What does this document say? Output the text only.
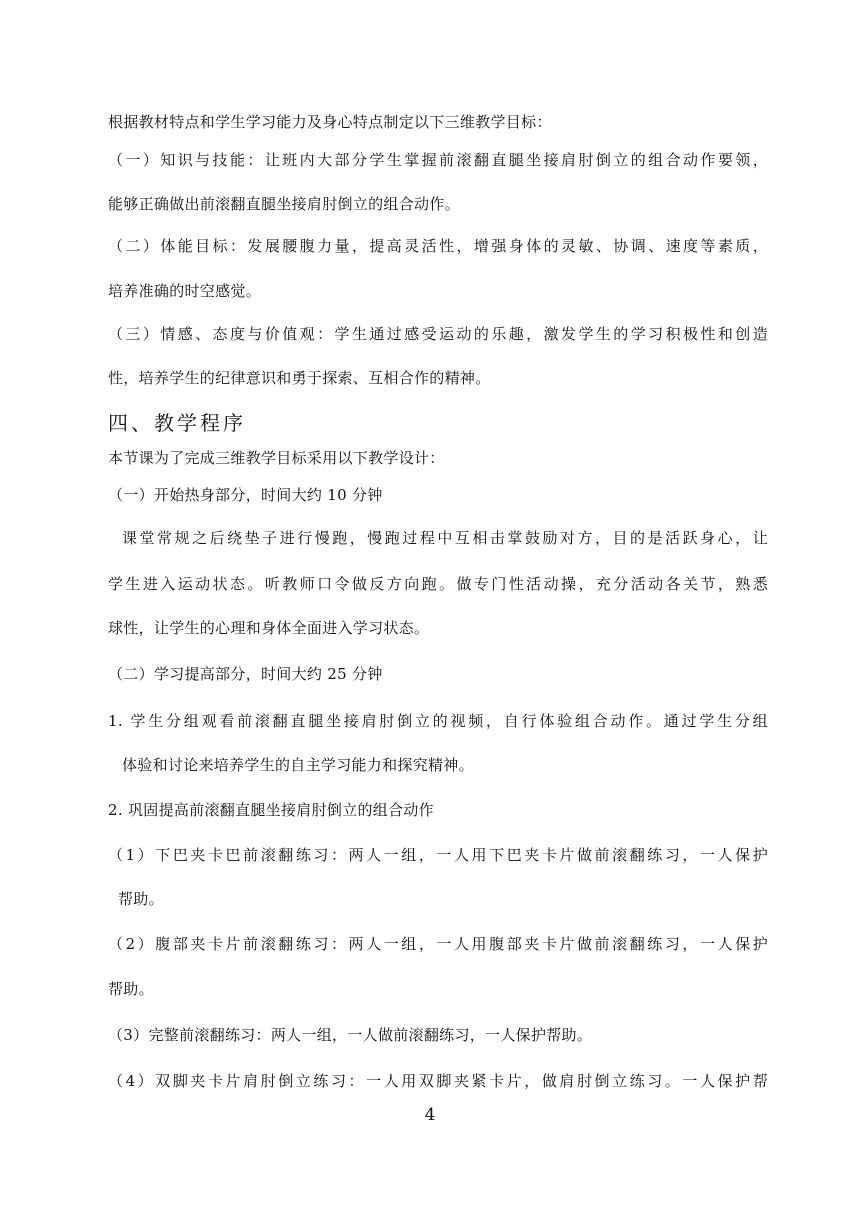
根据教材特点和学生学习能力及身心特点制定以下三维教学目标：
（一）知识与技能：让班内大部分学生掌握前滚翻直腿坐接肩肘倒立的组合动作要领，
能够正确做出前滚翻直腿坐接肩肘倒立的组合动作。
（二）体能目标：发展腰腹力量，提高灵活性，增强身体的灵敏、协调、速度等素质，
培养准确的时空感觉。
（三）情感、态度与价值观：学生通过感受运动的乐趣，激发学生的学习积极性和创造
性，培养学生的纪律意识和勇于探索、互相合作的精神。
四、教学程序
本节课为了完成三维教学目标采用以下教学设计：
（一）开始热身部分，时间大约 10 分钟
课堂常规之后绕垫子进行慢跑，慢跑过程中互相击掌鼓励对方，目的是活跃身心，让
学生进入运动状态。听教师口令做反方向跑。做专门性活动操，充分活动各关节，熟悉
球性，让学生的心理和身体全面进入学习状态。
（二）学习提高部分，时间大约 25 分钟
1. 学生分组观看前滚翻直腿坐接肩肘倒立的视频，自行体验组合动作。通过学生分组
体验和讨论来培养学生的自主学习能力和探究精神。
2. 巩固提高前滚翻直腿坐接肩肘倒立的组合动作
（1）下巴夹卡巴前滚翻练习：两人一组，一人用下巴夹卡片做前滚翻练习，一人保护
帮助。
（2）腹部夹卡片前滚翻练习：两人一组，一人用腹部夹卡片做前滚翻练习，一人保护
帮助。
（3）完整前滚翻练习：两人一组，一人做前滚翻练习，一人保护帮助。
（4）双脚夹卡片肩肘倒立练习：一人用双脚夹紧卡片，做肩肘倒立练习。一人保护帮
4
